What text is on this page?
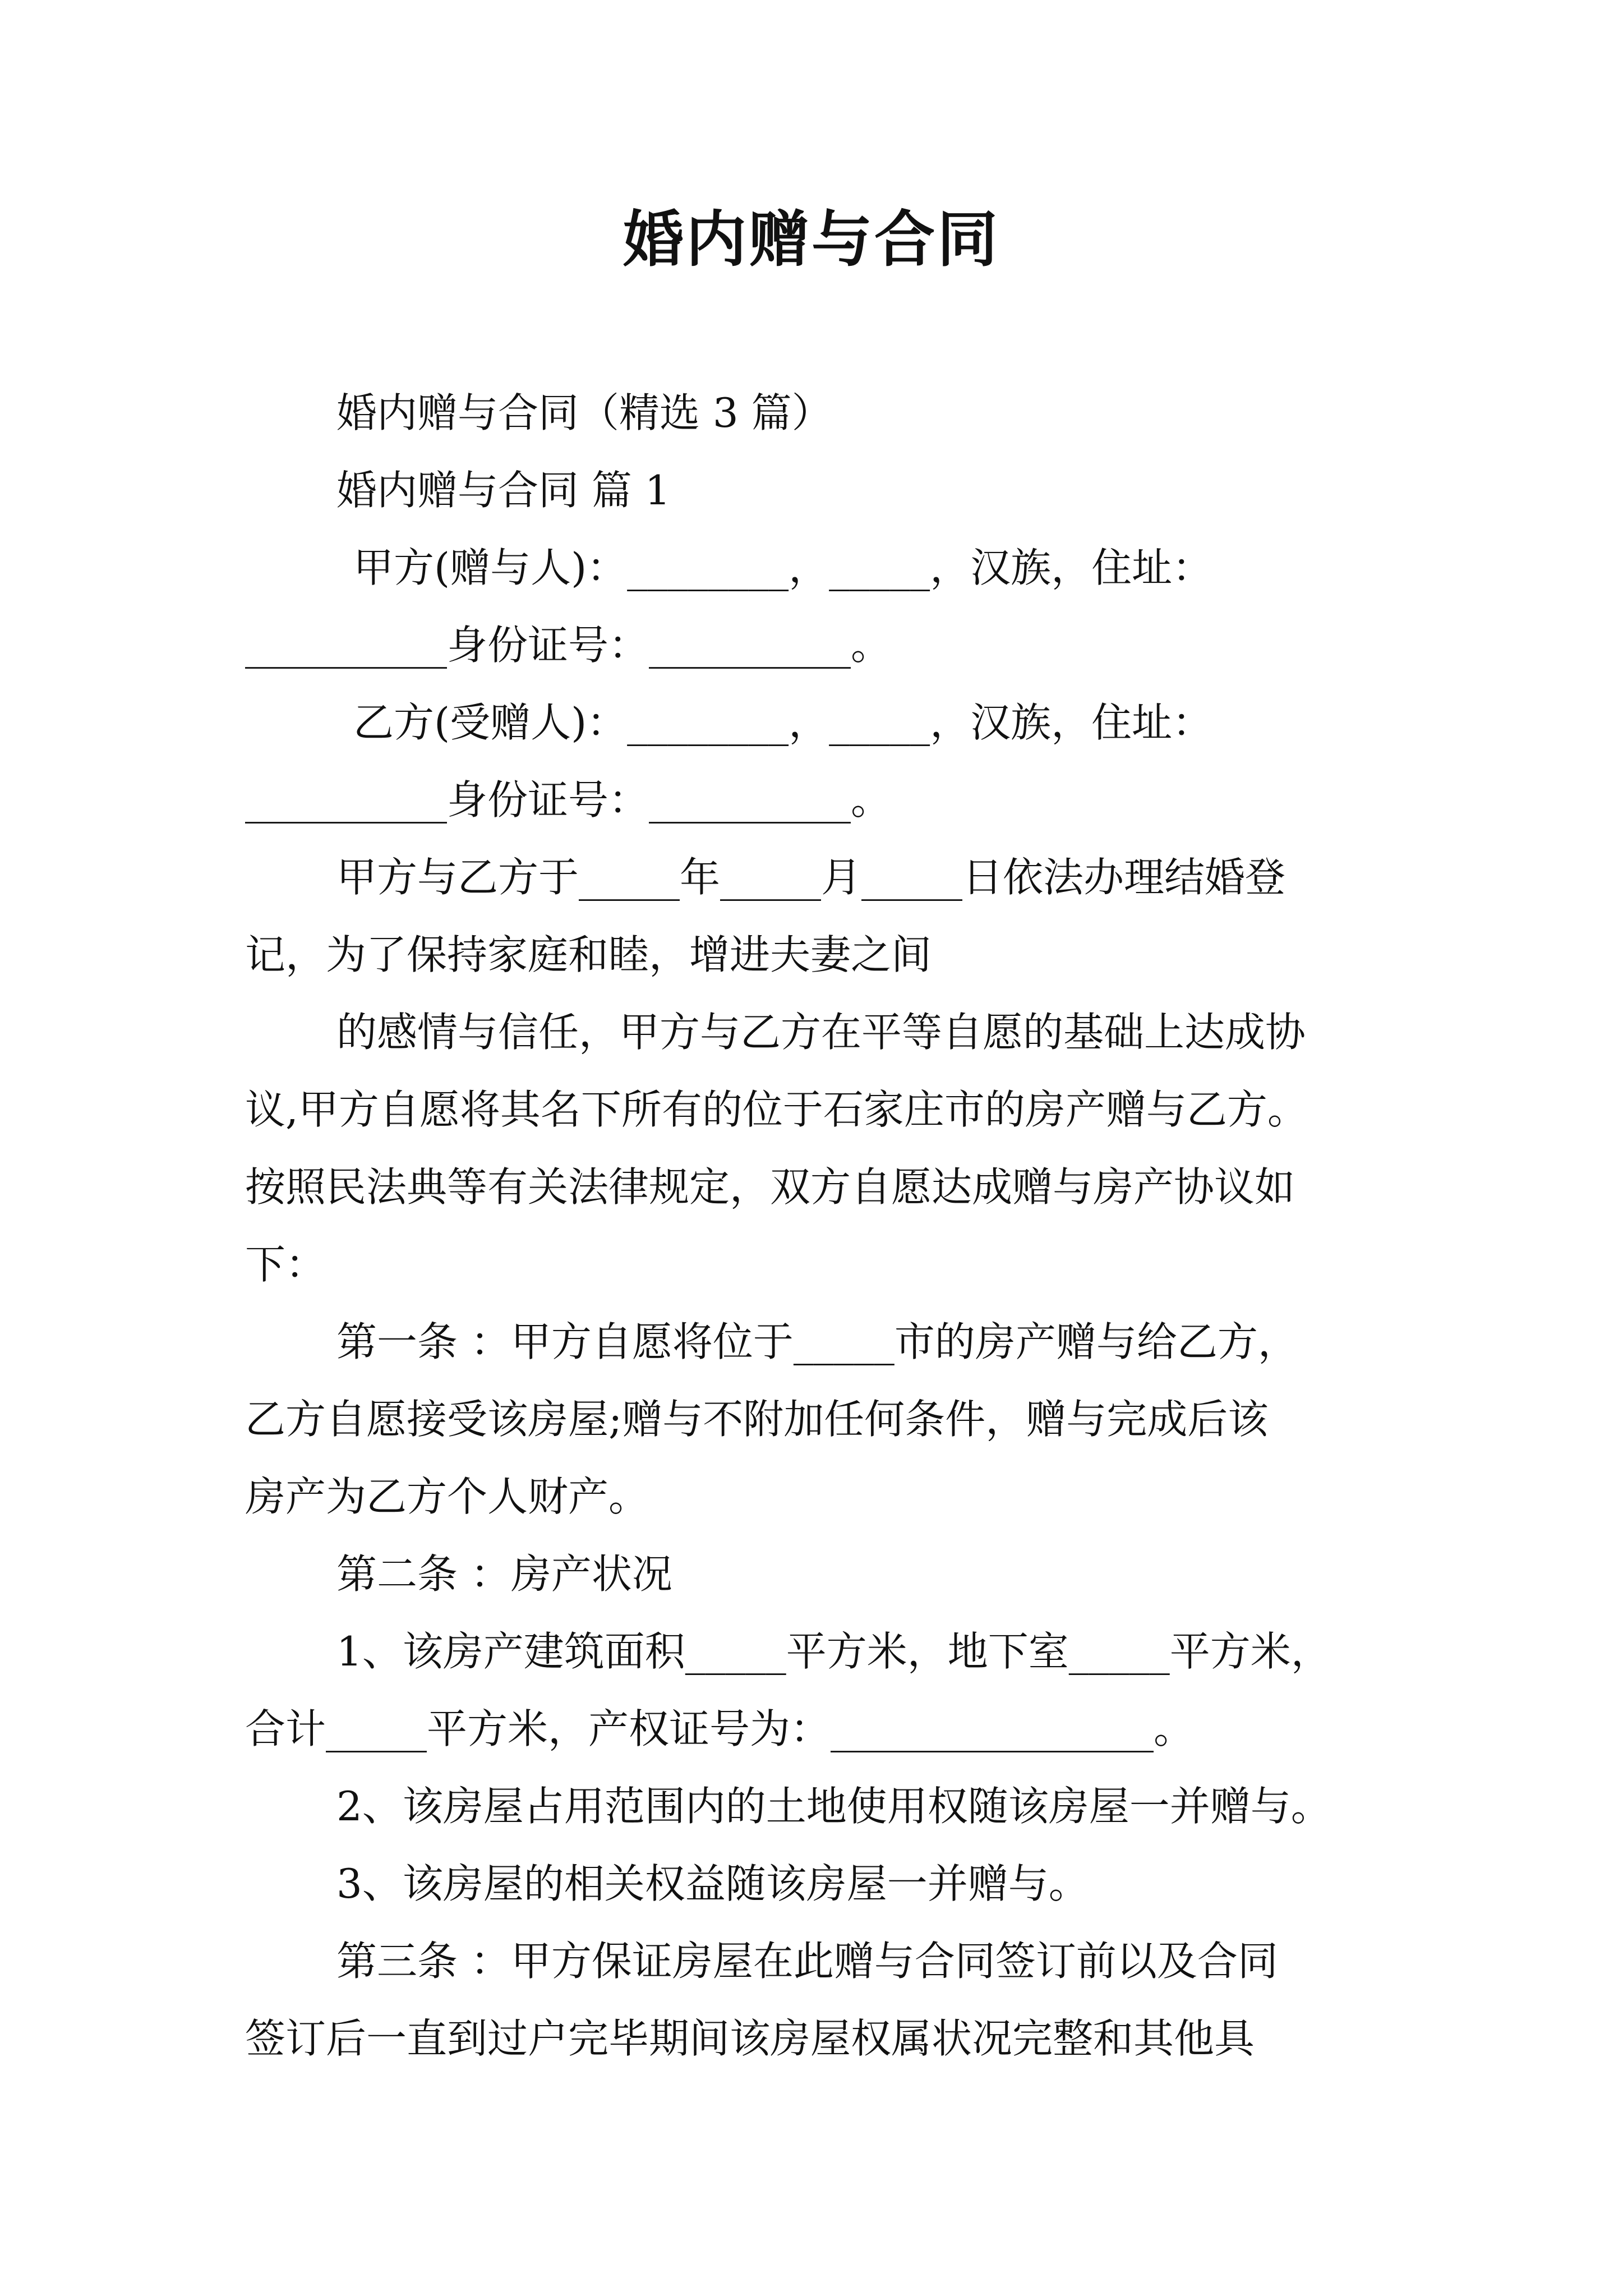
婚内赠与合同
婚内赠与合同（精选 3 篇）
婚内赠与合同 篇 1
甲方(赠与人)：________，_____，汉族，住址：
__________身份证号：__________。
乙方(受赠人)：________，_____，汉族，住址：
__________身份证号：__________。
甲方与乙方于_____年_____月_____日依法办理结婚登
记，为了保持家庭和睦，增进夫妻之间
的感情与信任，甲方与乙方在平等自愿的基础上达成协
议,甲方自愿将其名下所有的位于石家庄市的房产赠与乙方。
按照民法典等有关法律规定，双方自愿达成赠与房产协议如
下：
第一条 ：甲方自愿将位于_____市的房产赠与给乙方，
乙方自愿接受该房屋;赠与不附加任何条件，赠与完成后该
房产为乙方个人财产。
第二条 ：房产状况
1、该房产建筑面积_____平方米，地下室_____平方米，
合计_____平方米，产权证号为：________________。
2、该房屋占用范围内的土地使用权随该房屋一并赠与。
3、该房屋的相关权益随该房屋一并赠与。
第三条 ：甲方保证房屋在此赠与合同签订前以及合同
签订后一直到过户完毕期间该房屋权属状况完整和其他具
